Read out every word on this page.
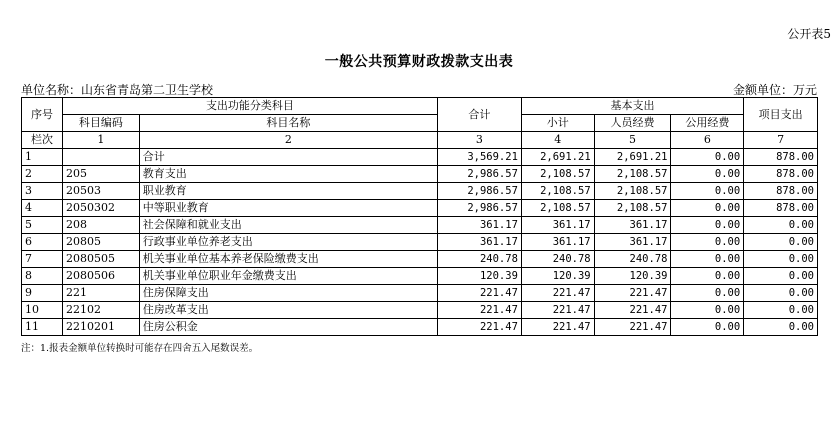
公开表5
一般公共预算财政拨款支出表
单位名称：山东省青岛第二卫生学校	金额单位：万元
序号	支出功能分类科目		合计	基本支出			项目支出
	科目编码	科目名称		小计	人员经费	公用经费	
栏次	1	2	3	4	5	6	7
1		合计	3,569.21	2,691.21	2,691.21	0.00	878.00
2	205	教育支出	2,986.57	2,108.57	2,108.57	0.00	878.00
3	20503	职业教育	2,986.57	2,108.57	2,108.57	0.00	878.00
4	2050302	中等职业教育	2,986.57	2,108.57	2,108.57	0.00	878.00
5	208	社会保障和就业支出	361.17	361.17	361.17	0.00	0.00
6	20805	行政事业单位养老支出	361.17	361.17	361.17	0.00	0.00
7	2080505	机关事业单位基本养老保险缴费支出	240.78	240.78	240.78	0.00	0.00
8	2080506	机关事业单位职业年金缴费支出	120.39	120.39	120.39	0.00	0.00
9	221	住房保障支出	221.47	221.47	221.47	0.00	0.00
10	22102	住房改革支出	221.47	221.47	221.47	0.00	0.00
11	2210201	住房公积金	221.47	221.47	221.47	0.00	0.00
注：1.报表金额单位转换时可能存在四舍五入尾数误差。
